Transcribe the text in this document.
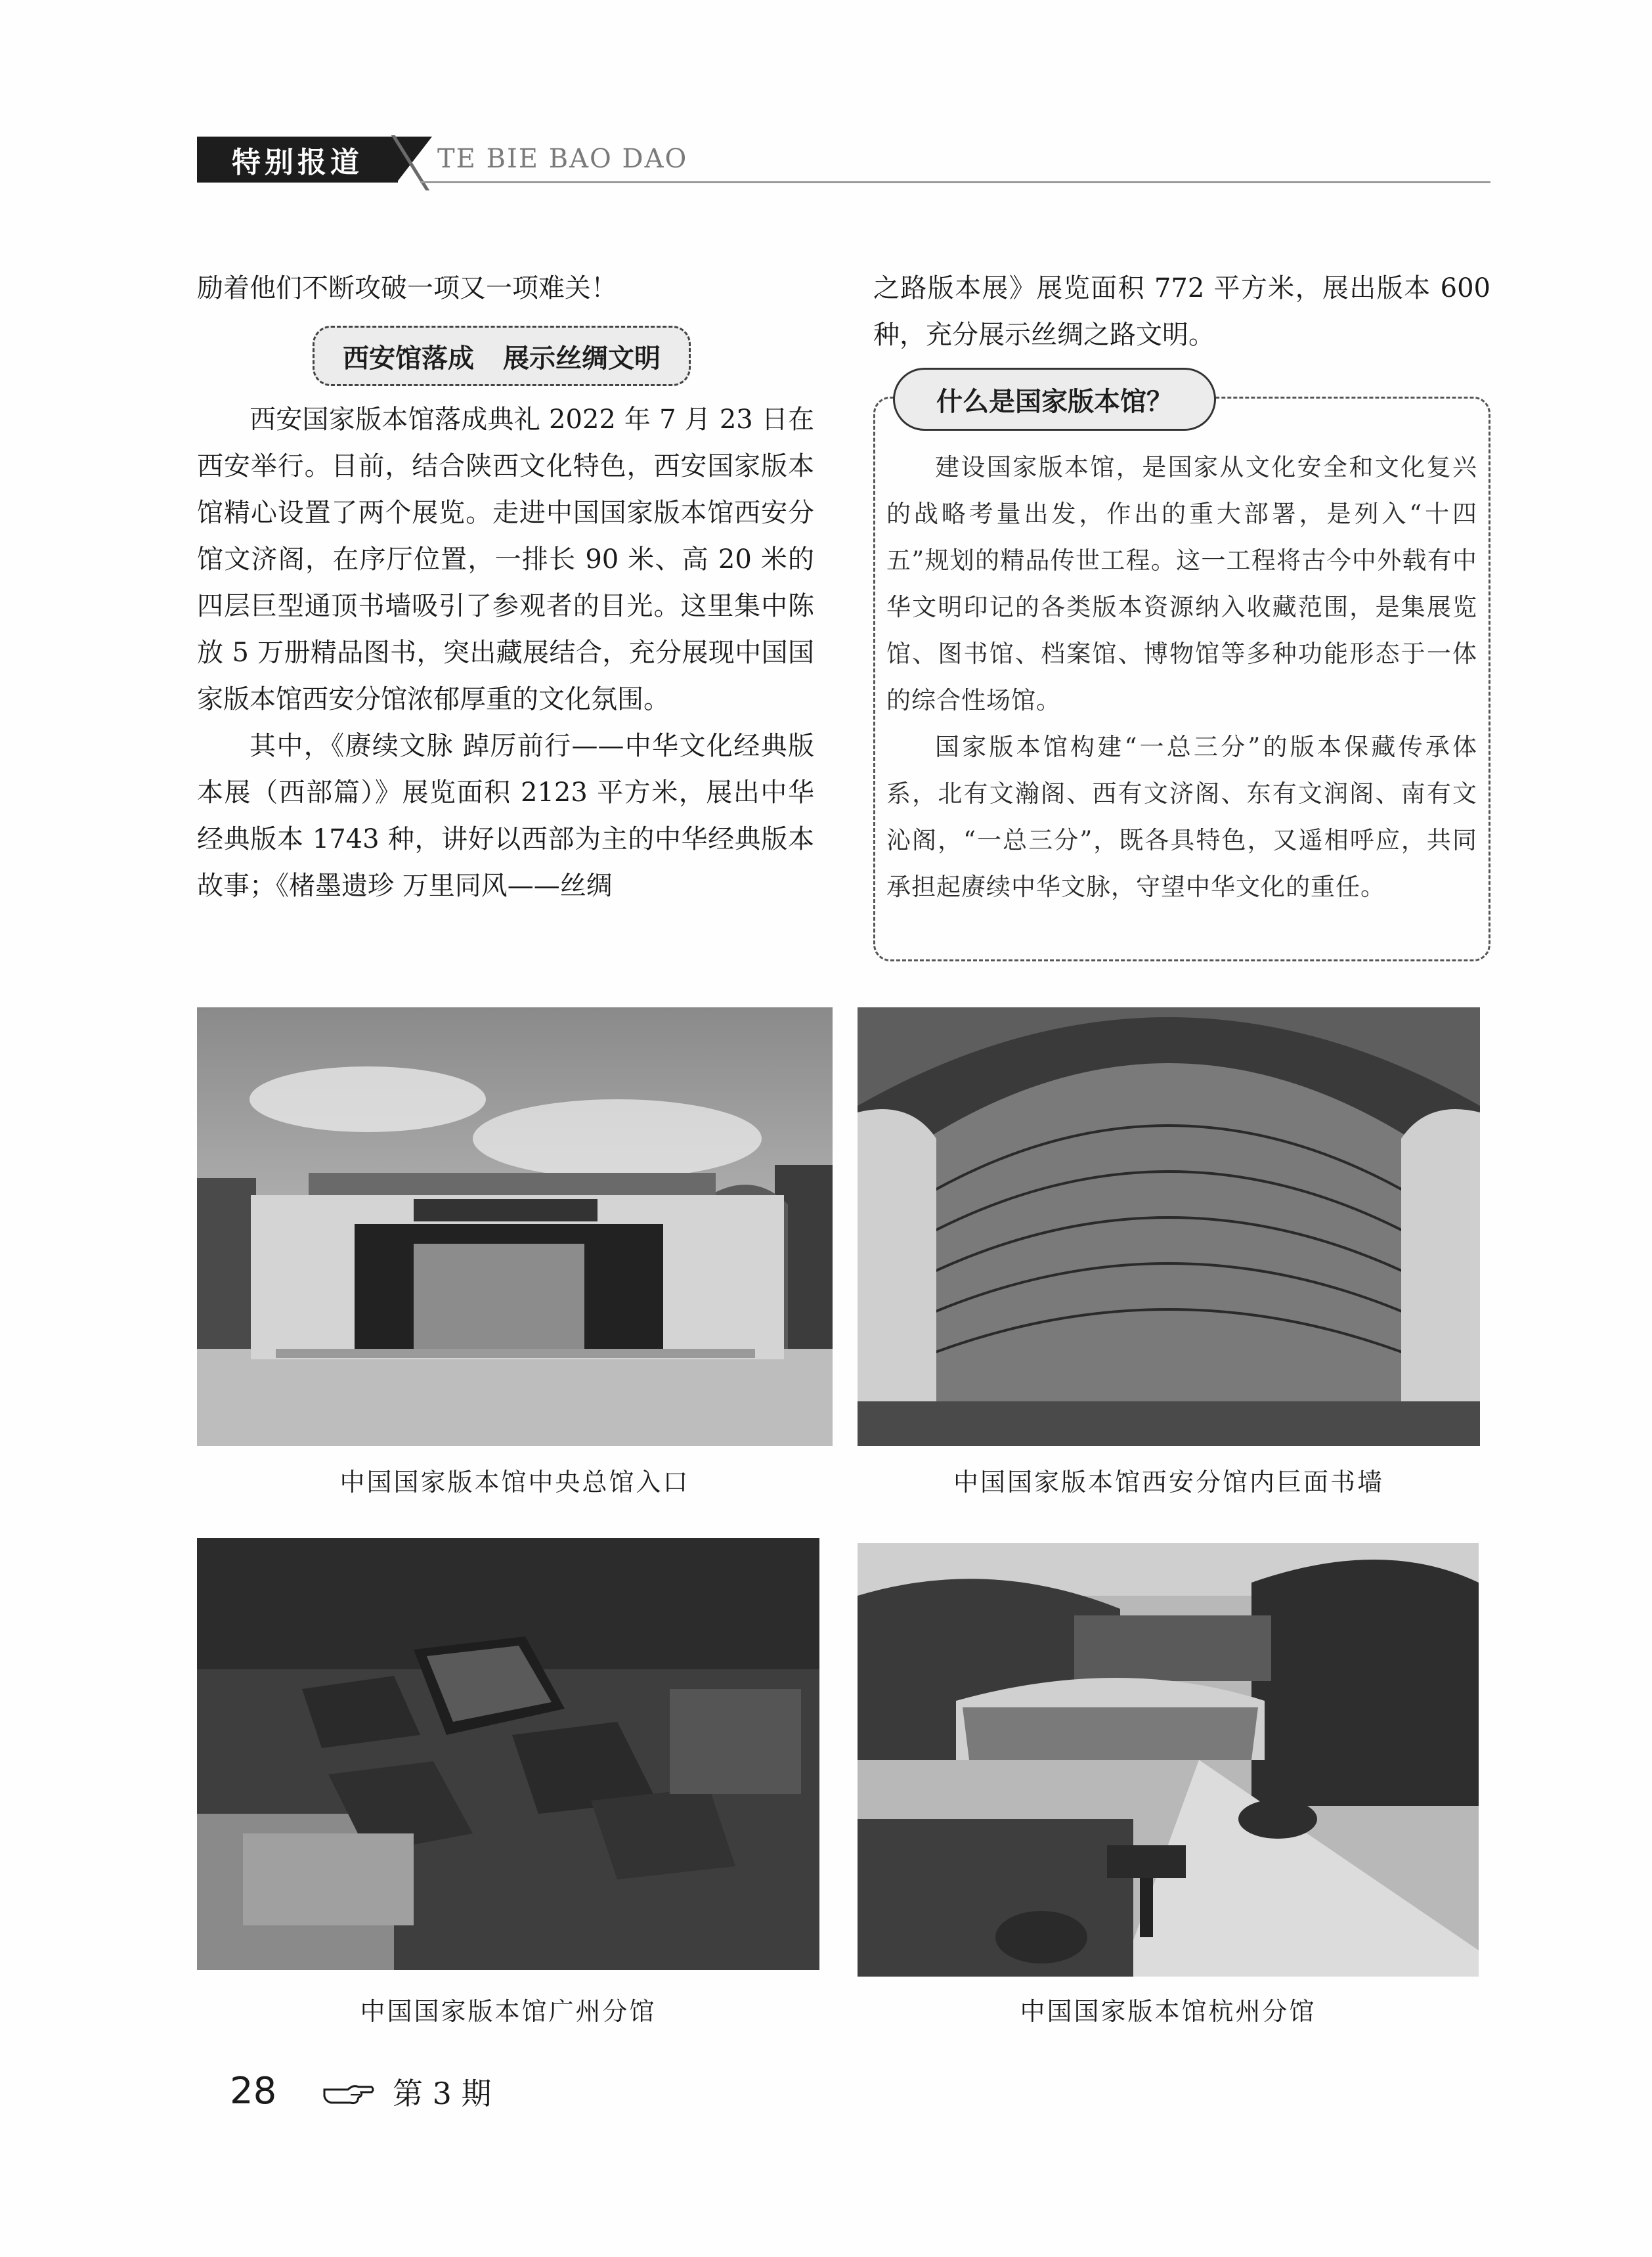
特别报道	TE BIE BAO DAO

励着他们不断攻破一项又一项难关！

西安馆落成 展示丝绸文明

西安国家版本馆落成典礼 2022 年 7 月 23 日在西安举行。目前，结合陕西文化特色，西安国家版本馆精心设置了两个展览。走进中国国家版本馆西安分馆文济阁，在序厅位置，一排长 90 米、高 20 米的四层巨型通顶书墙吸引了参观者的目光。这里集中陈放 5 万册精品图书，突出藏展结合，充分展现中国国家版本馆西安分馆浓郁厚重的文化氛围。

其中，《赓续文脉 踔厉前行——中华文化经典版本展（西部篇）》展览面积 2123 平方米，展出中华经典版本 1743 种，讲好以西部为主的中华经典版本故事；《楮墨遗珍 万里同风——丝绸

之路版本展》展览面积 772 平方米，展出版本 600 种，充分展示丝绸之路文明。

什么是国家版本馆？

建设国家版本馆，是国家从文化安全和文化复兴的战略考量出发，作出的重大部署，是列入“十四五”规划的精品传世工程。这一工程将古今中外载有中华文明印记的各类版本资源纳入收藏范围，是集展览馆、图书馆、档案馆、博物馆等多种功能形态于一体的综合性场馆。

国家版本馆构建“一总三分”的版本保藏传承体系，北有文瀚阁、西有文济阁、东有文润阁、南有文沁阁，“一总三分”，既各具特色，又遥相呼应，共同承担起赓续中华文脉，守望中华文化的重任。

中国国家版本馆中央总馆入口	中国国家版本馆西安分馆内巨面书墙
中国国家版本馆广州分馆	中国国家版本馆杭州分馆
28	第 3 期
